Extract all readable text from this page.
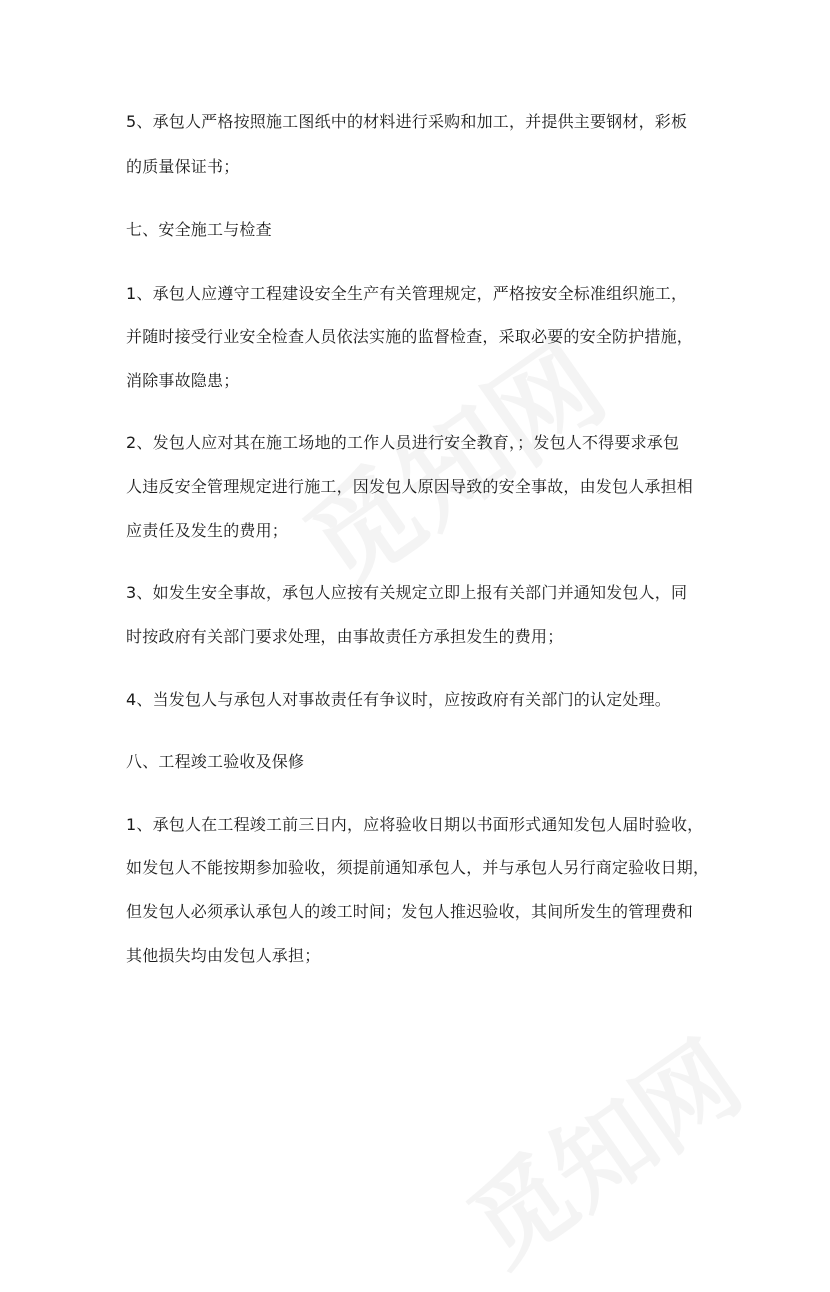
5、承包人严格按照施工图纸中的材料进行采购和加工，并提供主要钢材，彩板
的质量保证书；
七、安全施工与检查
1、承包人应遵守工程建设安全生产有关管理规定，严格按安全标准组织施工，
并随时接受行业安全检查人员依法实施的监督检查，采取必要的安全防护措施，
消除事故隐患；
2、发包人应对其在施工场地的工作人员进行安全教育，；发包人不得要求承包
人违反安全管理规定进行施工，因发包人原因导致的安全事故，由发包人承担相
应责任及发生的费用；
3、如发生安全事故，承包人应按有关规定立即上报有关部门并通知发包人，同
时按政府有关部门要求处理，由事故责任方承担发生的费用；
4、当发包人与承包人对事故责任有争议时，应按政府有关部门的认定处理。
八、工程竣工验收及保修
1、承包人在工程竣工前三日内，应将验收日期以书面形式通知发包人届时验收，
如发包人不能按期参加验收，须提前通知承包人，并与承包人另行商定验收日期，
但发包人必须承认承包人的竣工时间；发包人推迟验收，其间所发生的管理费和
其他损失均由发包人承担；
